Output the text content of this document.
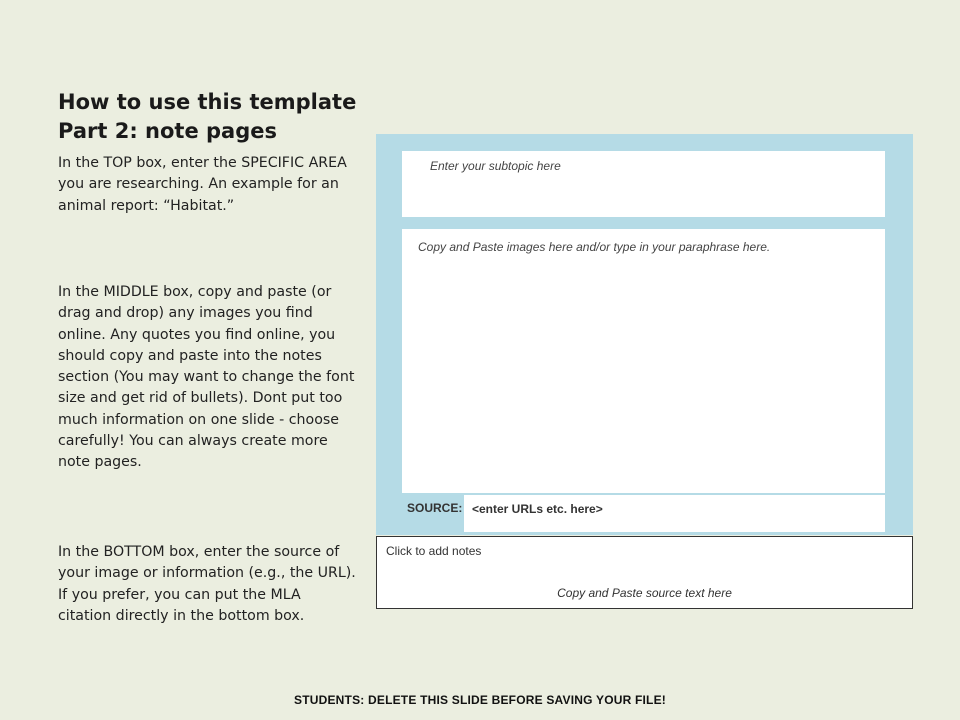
How to use this template
Part 2: note pages

In the TOP box, enter the SPECIFIC AREA you are researching. An example for an animal report: “Habitat.”

In the MIDDLE box, copy and paste (or drag and drop) any images you find online. Any quotes you find online, you should copy and paste into the notes section (You may want to change the font size and get rid of bullets). Dont put too much information on one slide - choose carefully! You can always create more note pages.

In the BOTTOM box, enter the source of your image or information (e.g., the URL). If you prefer, you can put the MLA citation directly in the bottom box.

Enter your subtopic here
Copy and Paste images here and/or type in your paraphrase here.
SOURCE: <enter URLs etc. here>
Click to add notes
Copy and Paste source text here
STUDENTS: DELETE THIS SLIDE BEFORE SAVING YOUR FILE!
